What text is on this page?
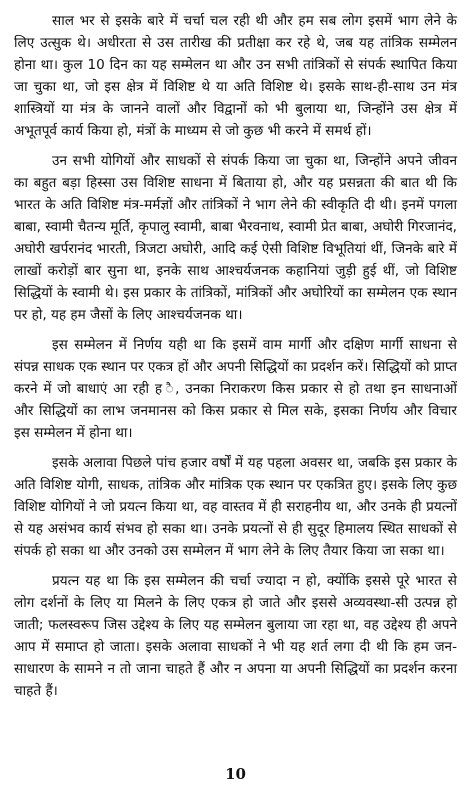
साल भर से इसके बारे में चर्चा चल रही थी और हम सब लोग इसमें भाग लेने के लिए उत्सुक थे। अधीरता से उस तारीख की प्रतीक्षा कर रहे थे, जब यह तांत्रिक सम्मेलन होना था। कुल 10 दिन का यह सम्मेलन था और उन सभी तांत्रिकों से संपर्क स्थापित किया जा चुका था, जो इस क्षेत्र में विशिष्ट थे या अति विशिष्ट थे। इसके साथ-ही-साथ उन मंत्र शास्त्रियों या मंत्र के जानने वालों और विद्वानों को भी बुलाया था, जिन्होंने उस क्षेत्र में अभूतपूर्व कार्य किया हो, मंत्रों के माध्यम से जो कुछ भी करने में समर्थ हों।

उन सभी योगियों और साधकों से संपर्क किया जा चुका था, जिन्होंने अपने जीवन का बहुत बड़ा हिस्सा उस विशिष्ट साधना में बिताया हो, और यह प्रसन्नता की बात थी कि भारत के अति विशिष्ट मंत्र-मर्मज्ञों और तांत्रिकों ने भाग लेने की स्वीकृति दी थी। इनमें पगला बाबा, स्वामी चैतन्य मूर्ति, कृपालु स्वामी, बाबा भैरवनाथ, स्वामी प्रेत बाबा, अघोरी गिरजानंद, अघोरी खर्परानंद भारती, त्रिजटा अघोरी, आदि कई ऐसी विशिष्ट विभूतियां थीं, जिनके बारे में लाखों करोड़ों बार सुना था, इनके साथ आश्चर्यजनक कहानियां जुड़ी हुई थीं, जो विशिष्ट सिद्धियों के स्वामी थे। इस प्रकार के तांत्रिकों, मांत्रिकों और अघोरियों का सम्मेलन एक स्थान पर हो, यह हम जैसों के लिए आश्चर्यजनक था।

इस सम्मेलन में निर्णय यही था कि इसमें वाम मार्गी और दक्षिण मार्गी साधना से संपन्न साधक एक स्थान पर एकत्र हों और अपनी सिद्धियों का प्रदर्शन करें। सिद्धियों को प्राप्त करने में जो बाधाएं आ रही ह ै, उनका निराकरण किस प्रकार से हो तथा इन साधनाओं और सिद्धियों का लाभ जनमानस को किस प्रकार से मिल सके, इसका निर्णय और विचार इस सम्मेलन में होना था।

इसके अलावा पिछले पांच हजार वर्षों में यह पहला अवसर था, जबकि इस प्रकार के अति विशिष्ट योगी, साधक, तांत्रिक और मांत्रिक एक स्थान पर एकत्रित हुए। इसके लिए कुछ विशिष्ट योगियों ने जो प्रयत्न किया था, वह वास्तव में ही सराहनीय था, और उनके ही प्रयत्नों से यह असंभव कार्य संभव हो सका था। उनके प्रयत्नों से ही सुदूर हिमालय स्थित साधकों से संपर्क हो सका था और उनको उस सम्मेलन में भाग लेने के लिए तैयार किया जा सका था।

प्रयत्न यह था कि इस सम्मेलन की चर्चा ज्यादा न हो, क्योंकि इससे पूरे भारत से लोग दर्शनों के लिए या मिलने के लिए एकत्र हो जाते और इससे अव्यवस्था-सी उत्पन्न हो जाती; फलस्वरूप जिस उद्देश्य के लिए यह सम्मेलन बुलाया जा रहा था, वह उद्देश्य ही अपने आप में समाप्त हो जाता। इसके अलावा साधकों ने भी यह शर्त लगा दी थी कि हम जन-साधारण के सामने न तो जाना चाहते हैं और न अपना या अपनी सिद्धियों का प्रदर्शन करना चाहते हैं।

10
